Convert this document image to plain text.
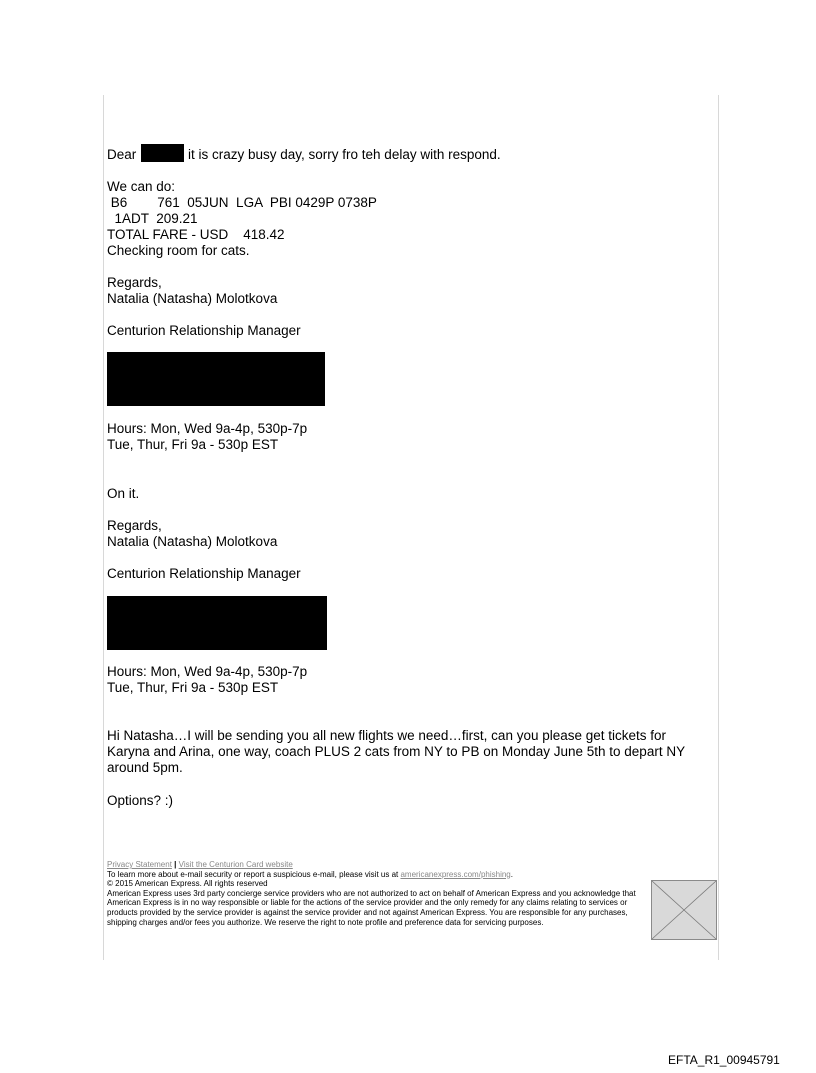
Dear	it is crazy busy day, sorry fro teh delay with respond.
We can do:
B6        761  05JUN  LGA  PBI 0429P 0738P
1ADT  209.21
TOTAL FARE - USD    418.42
Checking room for cats.
Regards,
Natalia (Natasha) Molotkova
Centurion Relationship Manager
Hours: Mon, Wed 9a-4p, 530p-7p
Tue, Thur, Fri 9a - 530p EST
On it.
Regards,
Natalia (Natasha) Molotkova
Centurion Relationship Manager
Hours: Mon, Wed 9a-4p, 530p-7p
Tue, Thur, Fri 9a - 530p EST
Hi Natasha…I will be sending you all new flights we need…first, can you please get tickets for Karyna and Arina, one way, coach PLUS 2 cats from NY to PB on Monday June 5th to depart NY around 5pm.
Options? :)
Privacy Statement | Visit the Centurion Card website
To learn more about e-mail security or report a suspicious e-mail, please visit us at americanexpress.com/phishing.
© 2015 American Express. All rights reserved
American Express uses 3rd party concierge service providers who are not authorized to act on behalf of American Express and you acknowledge that American Express is in no way responsible or liable for the actions of the service provider and the only remedy for any claims relating to services or products provided by the service provider is against the service provider and not against American Express. You are responsible for any purchases, shipping charges and/or fees you authorize. We reserve the right to note profile and preference data for servicing purposes.
EFTA_R1_00945791
